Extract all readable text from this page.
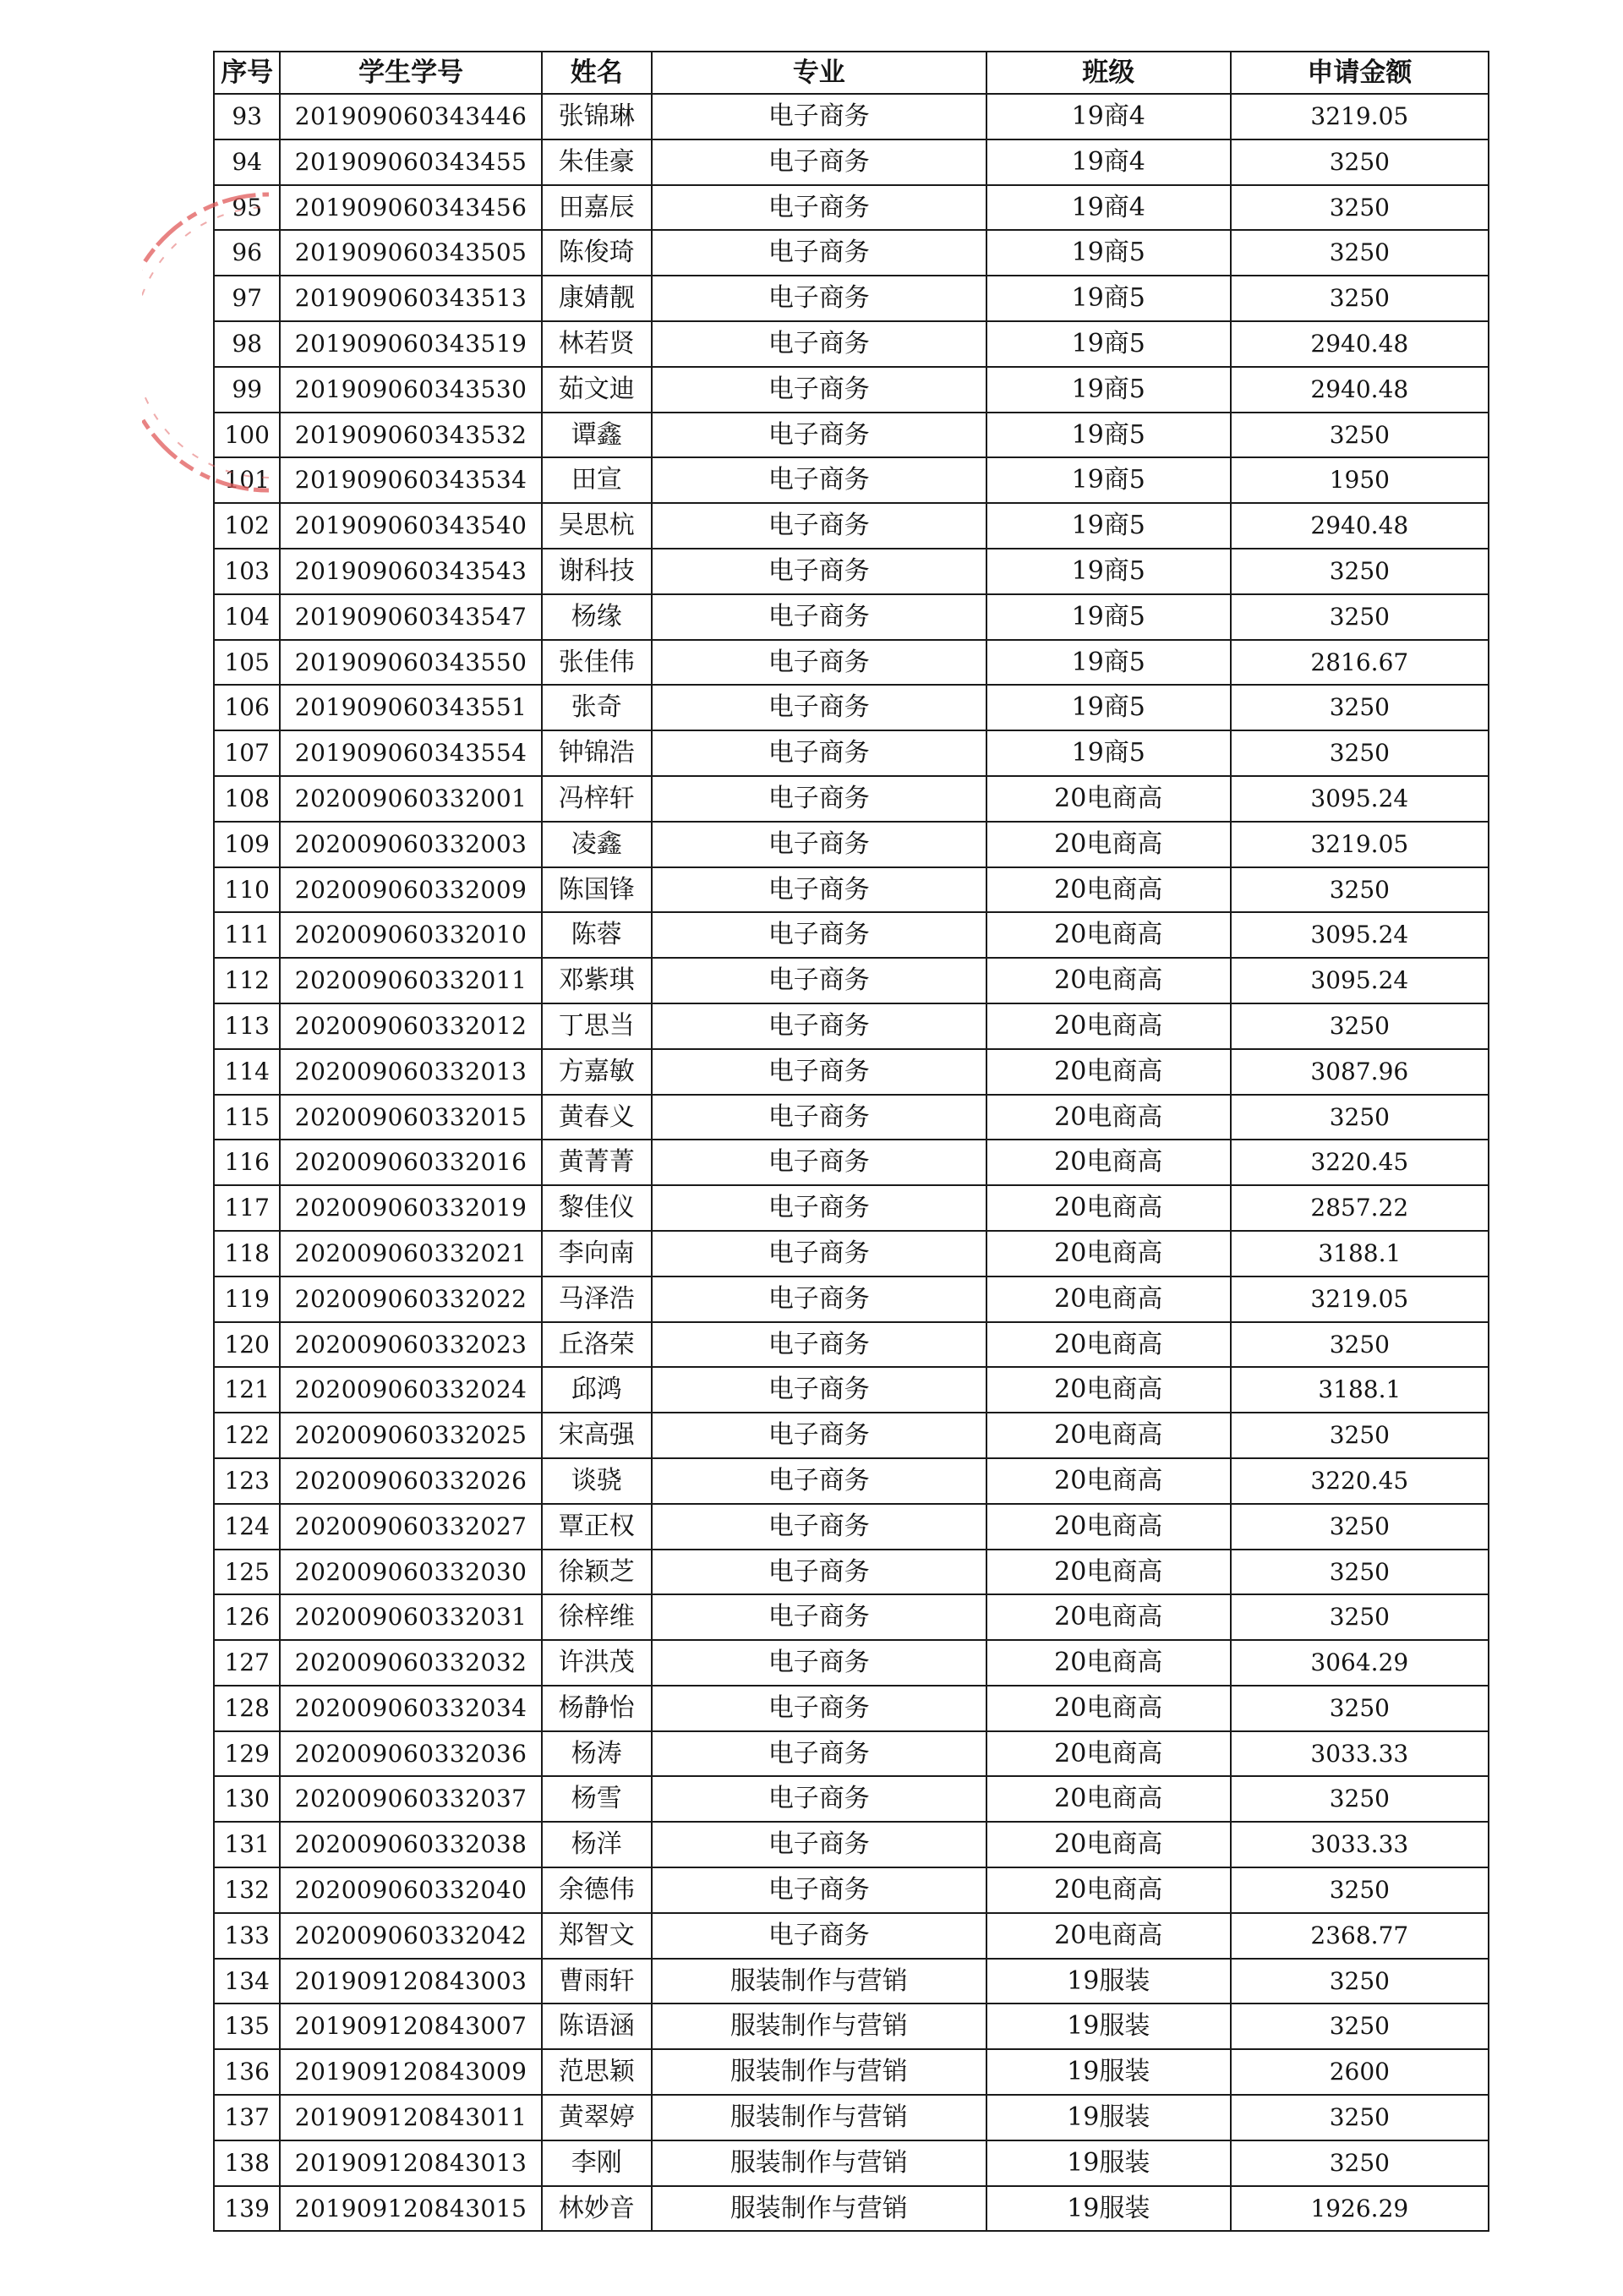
序号	学生学号	姓名	专业	班级	申请金额
93	201909060343446	张锦琳	电子商务	19商4	3219.05
94	201909060343455	朱佳豪	电子商务	19商4	3250
95	201909060343456	田嘉辰	电子商务	19商4	3250
96	201909060343505	陈俊琦	电子商务	19商5	3250
97	201909060343513	康婧靓	电子商务	19商5	3250
98	201909060343519	林若贤	电子商务	19商5	2940.48
99	201909060343530	茹文迪	电子商务	19商5	2940.48
100	201909060343532	谭鑫	电子商务	19商5	3250
101	201909060343534	田宣	电子商务	19商5	1950
102	201909060343540	吴思杭	电子商务	19商5	2940.48
103	201909060343543	谢科技	电子商务	19商5	3250
104	201909060343547	杨缘	电子商务	19商5	3250
105	201909060343550	张佳伟	电子商务	19商5	2816.67
106	201909060343551	张奇	电子商务	19商5	3250
107	201909060343554	钟锦浩	电子商务	19商5	3250
108	202009060332001	冯梓轩	电子商务	20电商高	3095.24
109	202009060332003	凌鑫	电子商务	20电商高	3219.05
110	202009060332009	陈国锋	电子商务	20电商高	3250
111	202009060332010	陈蓉	电子商务	20电商高	3095.24
112	202009060332011	邓紫琪	电子商务	20电商高	3095.24
113	202009060332012	丁思当	电子商务	20电商高	3250
114	202009060332013	方嘉敏	电子商务	20电商高	3087.96
115	202009060332015	黄春义	电子商务	20电商高	3250
116	202009060332016	黄菁菁	电子商务	20电商高	3220.45
117	202009060332019	黎佳仪	电子商务	20电商高	2857.22
118	202009060332021	李向南	电子商务	20电商高	3188.1
119	202009060332022	马泽浩	电子商务	20电商高	3219.05
120	202009060332023	丘洛荣	电子商务	20电商高	3250
121	202009060332024	邱鸿	电子商务	20电商高	3188.1
122	202009060332025	宋高强	电子商务	20电商高	3250
123	202009060332026	谈骁	电子商务	20电商高	3220.45
124	202009060332027	覃正权	电子商务	20电商高	3250
125	202009060332030	徐颖芝	电子商务	20电商高	3250
126	202009060332031	徐梓维	电子商务	20电商高	3250
127	202009060332032	许洪茂	电子商务	20电商高	3064.29
128	202009060332034	杨静怡	电子商务	20电商高	3250
129	202009060332036	杨涛	电子商务	20电商高	3033.33
130	202009060332037	杨雪	电子商务	20电商高	3250
131	202009060332038	杨洋	电子商务	20电商高	3033.33
132	202009060332040	余德伟	电子商务	20电商高	3250
133	202009060332042	郑智文	电子商务	20电商高	2368.77
134	201909120843003	曹雨轩	服装制作与营销	19服装	3250
135	201909120843007	陈语涵	服装制作与营销	19服装	3250
136	201909120843009	范思颖	服装制作与营销	19服装	2600
137	201909120843011	黄翠婷	服装制作与营销	19服装	3250
138	201909120843013	李刚	服装制作与营销	19服装	3250
139	201909120843015	林妙音	服装制作与营销	19服装	1926.29
